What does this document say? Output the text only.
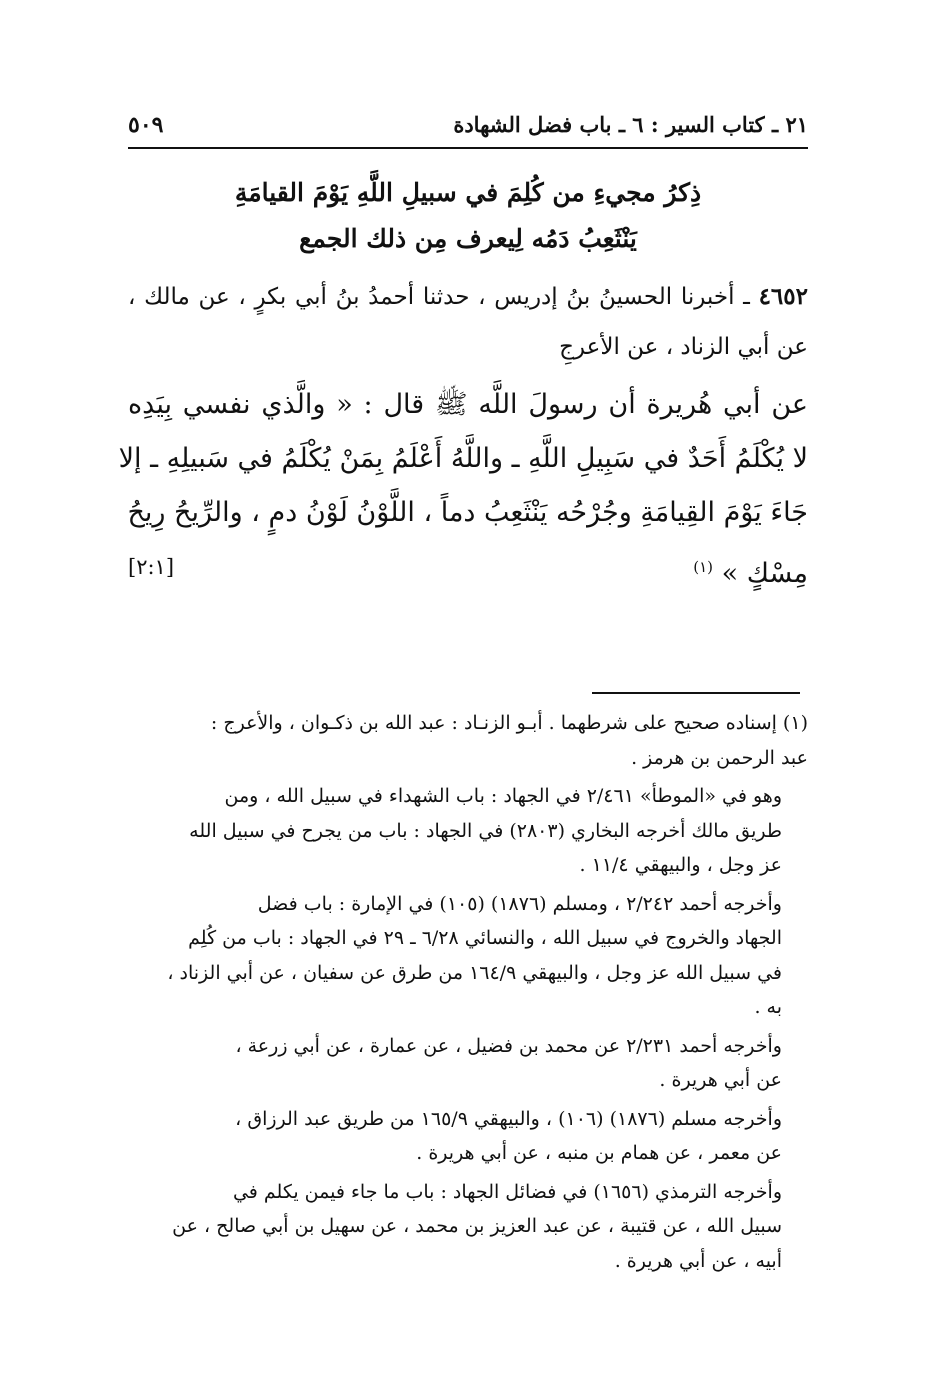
٢١ ـ كتاب السير : ٦ ـ باب فضل الشهادة
٥٠٩
ذِكرُ مجيءِ من كُلِمَ في سبيلِ اللَّهِ يَوْمَ القيامَةِ
يَنْثَعِبُ دَمُه لِيعرف مِن ذلك الجمع
٤٦٥٢ ـ أخبرنا الحسينُ بنُ إدريس ، حدثنا أحمدُ بنُ أبي بكرٍ ، عن مالك ، عن أبي الزناد ، عن الأعرجِ
عن أبي هُريرة أن رسولَ اللَّه ﷺ قال : « والَّذي نفسي بِيَدِه
لا يُكْلَمُ أَحَدٌ في سَبِيلِ اللَّهِ ـ واللَّهُ أَعْلَمُ بِمَنْ يُكْلَمُ في سَبيلِهِ ـ إلا
جَاءَ يَوْمَ القِيامَةِ وجُرْحُه يَنْثَعِبُ دماً ، اللَّوْنُ لَوْنُ دمٍ ، والرِّيحُ رِيحُ
مِسْكٍ » $^{(١)}$
[٢:١]
(١) إسناده صحيح على شرطهما . أبـو الزنـاد : عبد الله بن ذكـوان ، والأعرج :
عبد الرحمن بن هرمز .
وهو في «الموطأ» ٢/٤٦١ في الجهاد : باب الشهداء في سبيل الله ، ومن
طريق مالك أخرجه البخاري (٢٨٠٣) في الجهاد : باب من يجرح في سبيل الله
عز وجل ، والبيهقي ١١/٤ .
وأخرجه أحمد ٢/٢٤٢ ، ومسلم (١٨٧٦) (١٠٥) في الإمارة : باب فضل
الجهاد والخروج في سبيل الله ، والنسائي ٦/٢٨ ـ ٢٩ في الجهاد : باب من كُلِم
في سبيل الله عز وجل ، والبيهقي ١٦٤/٩ من طرق عن سفيان ، عن أبي الزناد ،
به .
وأخرجه أحمد ٢/٢٣١ عن محمد بن فضيل ، عن عمارة ، عن أبي زرعة ،
عن أبي هريرة .
وأخرجه مسلم (١٨٧٦) (١٠٦) ، والبيهقي ١٦٥/٩ من طريق عبد الرزاق ،
عن معمر ، عن همام بن منبه ، عن أبي هريرة .
وأخرجه الترمذي (١٦٥٦) في فضائل الجهاد : باب ما جاء فيمن يكلم في
سبيل الله ، عن قتيبة ، عن عبد العزيز بن محمد ، عن سهيل بن أبي صالح ، عن
أبيه ، عن أبي هريرة .
